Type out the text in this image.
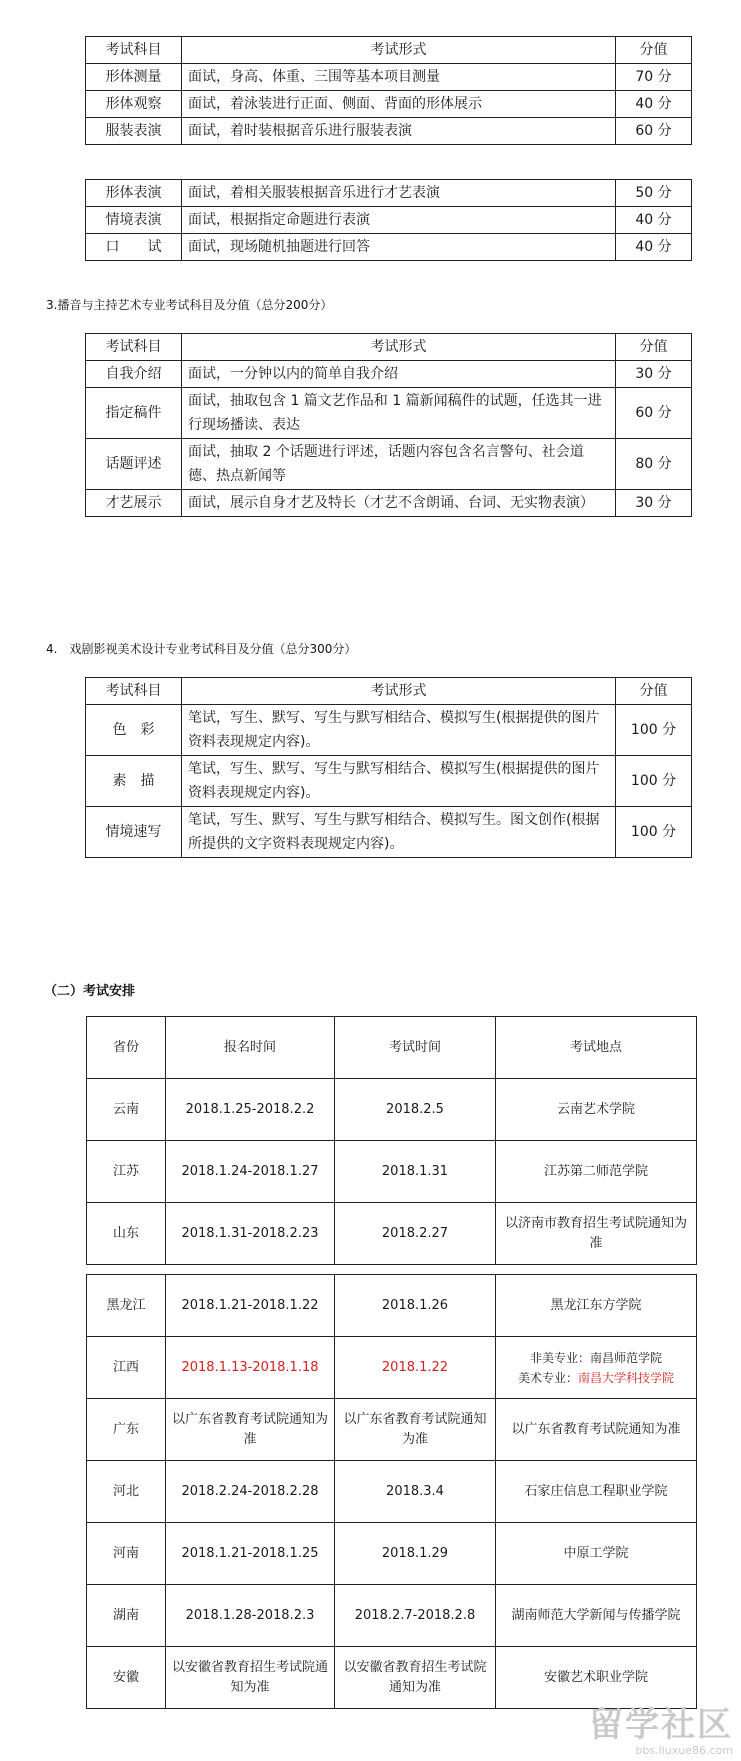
考试科目	考试形式	分值
形体测量	面试，身高、体重、三围等基本项目测量	70 分
形体观察	面试，着泳装进行正面、侧面、背面的形体展示	40 分
服装表演	面试，着时装根据音乐进行服装表演	60 分
形体表演	面试，着相关服装根据音乐进行才艺表演	50 分
情境表演	面试，根据指定命题进行表演	40 分
口　　试	面试，现场随机抽题进行回答	40 分
3.播音与主持艺术专业考试科目及分值（总分200分）
考试科目	考试形式	分值
自我介绍	面试，一分钟以内的简单自我介绍	30 分
指定稿件	面试，抽取包含 1 篇文艺作品和 1 篇新闻稿件的试题，任选其一进行现场播读、表达	60 分
话题评述	面试，抽取 2 个话题进行评述，话题内容包含名言警句、社会道德、热点新闻等	80 分
才艺展示	面试，展示自身才艺及特长（才艺不含朗诵、台词、无实物表演）	30 分
4.　戏剧影视美术设计专业考试科目及分值（总分300分）
考试科目	考试形式	分值
色　彩	笔试，写生、默写、写生与默写相结合、模拟写生(根据提供的图片资料表现规定内容)。	100 分
素　描	笔试，写生、默写、写生与默写相结合、模拟写生(根据提供的图片资料表现规定内容)。	100 分
情境速写	笔试，写生、默写、写生与默写相结合、模拟写生。图文创作(根据所提供的文字资料表现规定内容)。	100 分
（二）考试安排
省份	报名时间	考试时间	考试地点
云南	2018.1.25-2018.2.2	2018.2.5	云南艺术学院
江苏	2018.1.24-2018.1.27	2018.1.31	江苏第二师范学院
山东	2018.1.31-2018.2.23	2018.2.27	以济南市教育招生考试院通知为准
黑龙江	2018.1.21-2018.1.22	2018.1.26	黑龙江东方学院
江西	2018.1.13-2018.1.18	2018.1.22	非美专业：南昌师范学院
美术专业：南昌大学科技学院

广东	以广东省教育考试院通知为准	以广东省教育考试院通知为准	以广东省教育考试院通知为准
河北	2018.2.24-2018.2.28	2018.3.4	石家庄信息工程职业学院
河南	2018.1.21-2018.1.25	2018.1.29	中原工学院
湖南	2018.1.28-2018.2.3	2018.2.7-2018.2.8	湖南师范大学新闻与传播学院
安徽	以安徽省教育招生考试院通知为准	以安徽省教育招生考试院通知为准	安徽艺术职业学院
留学社区
bbs.liuxue86.com
